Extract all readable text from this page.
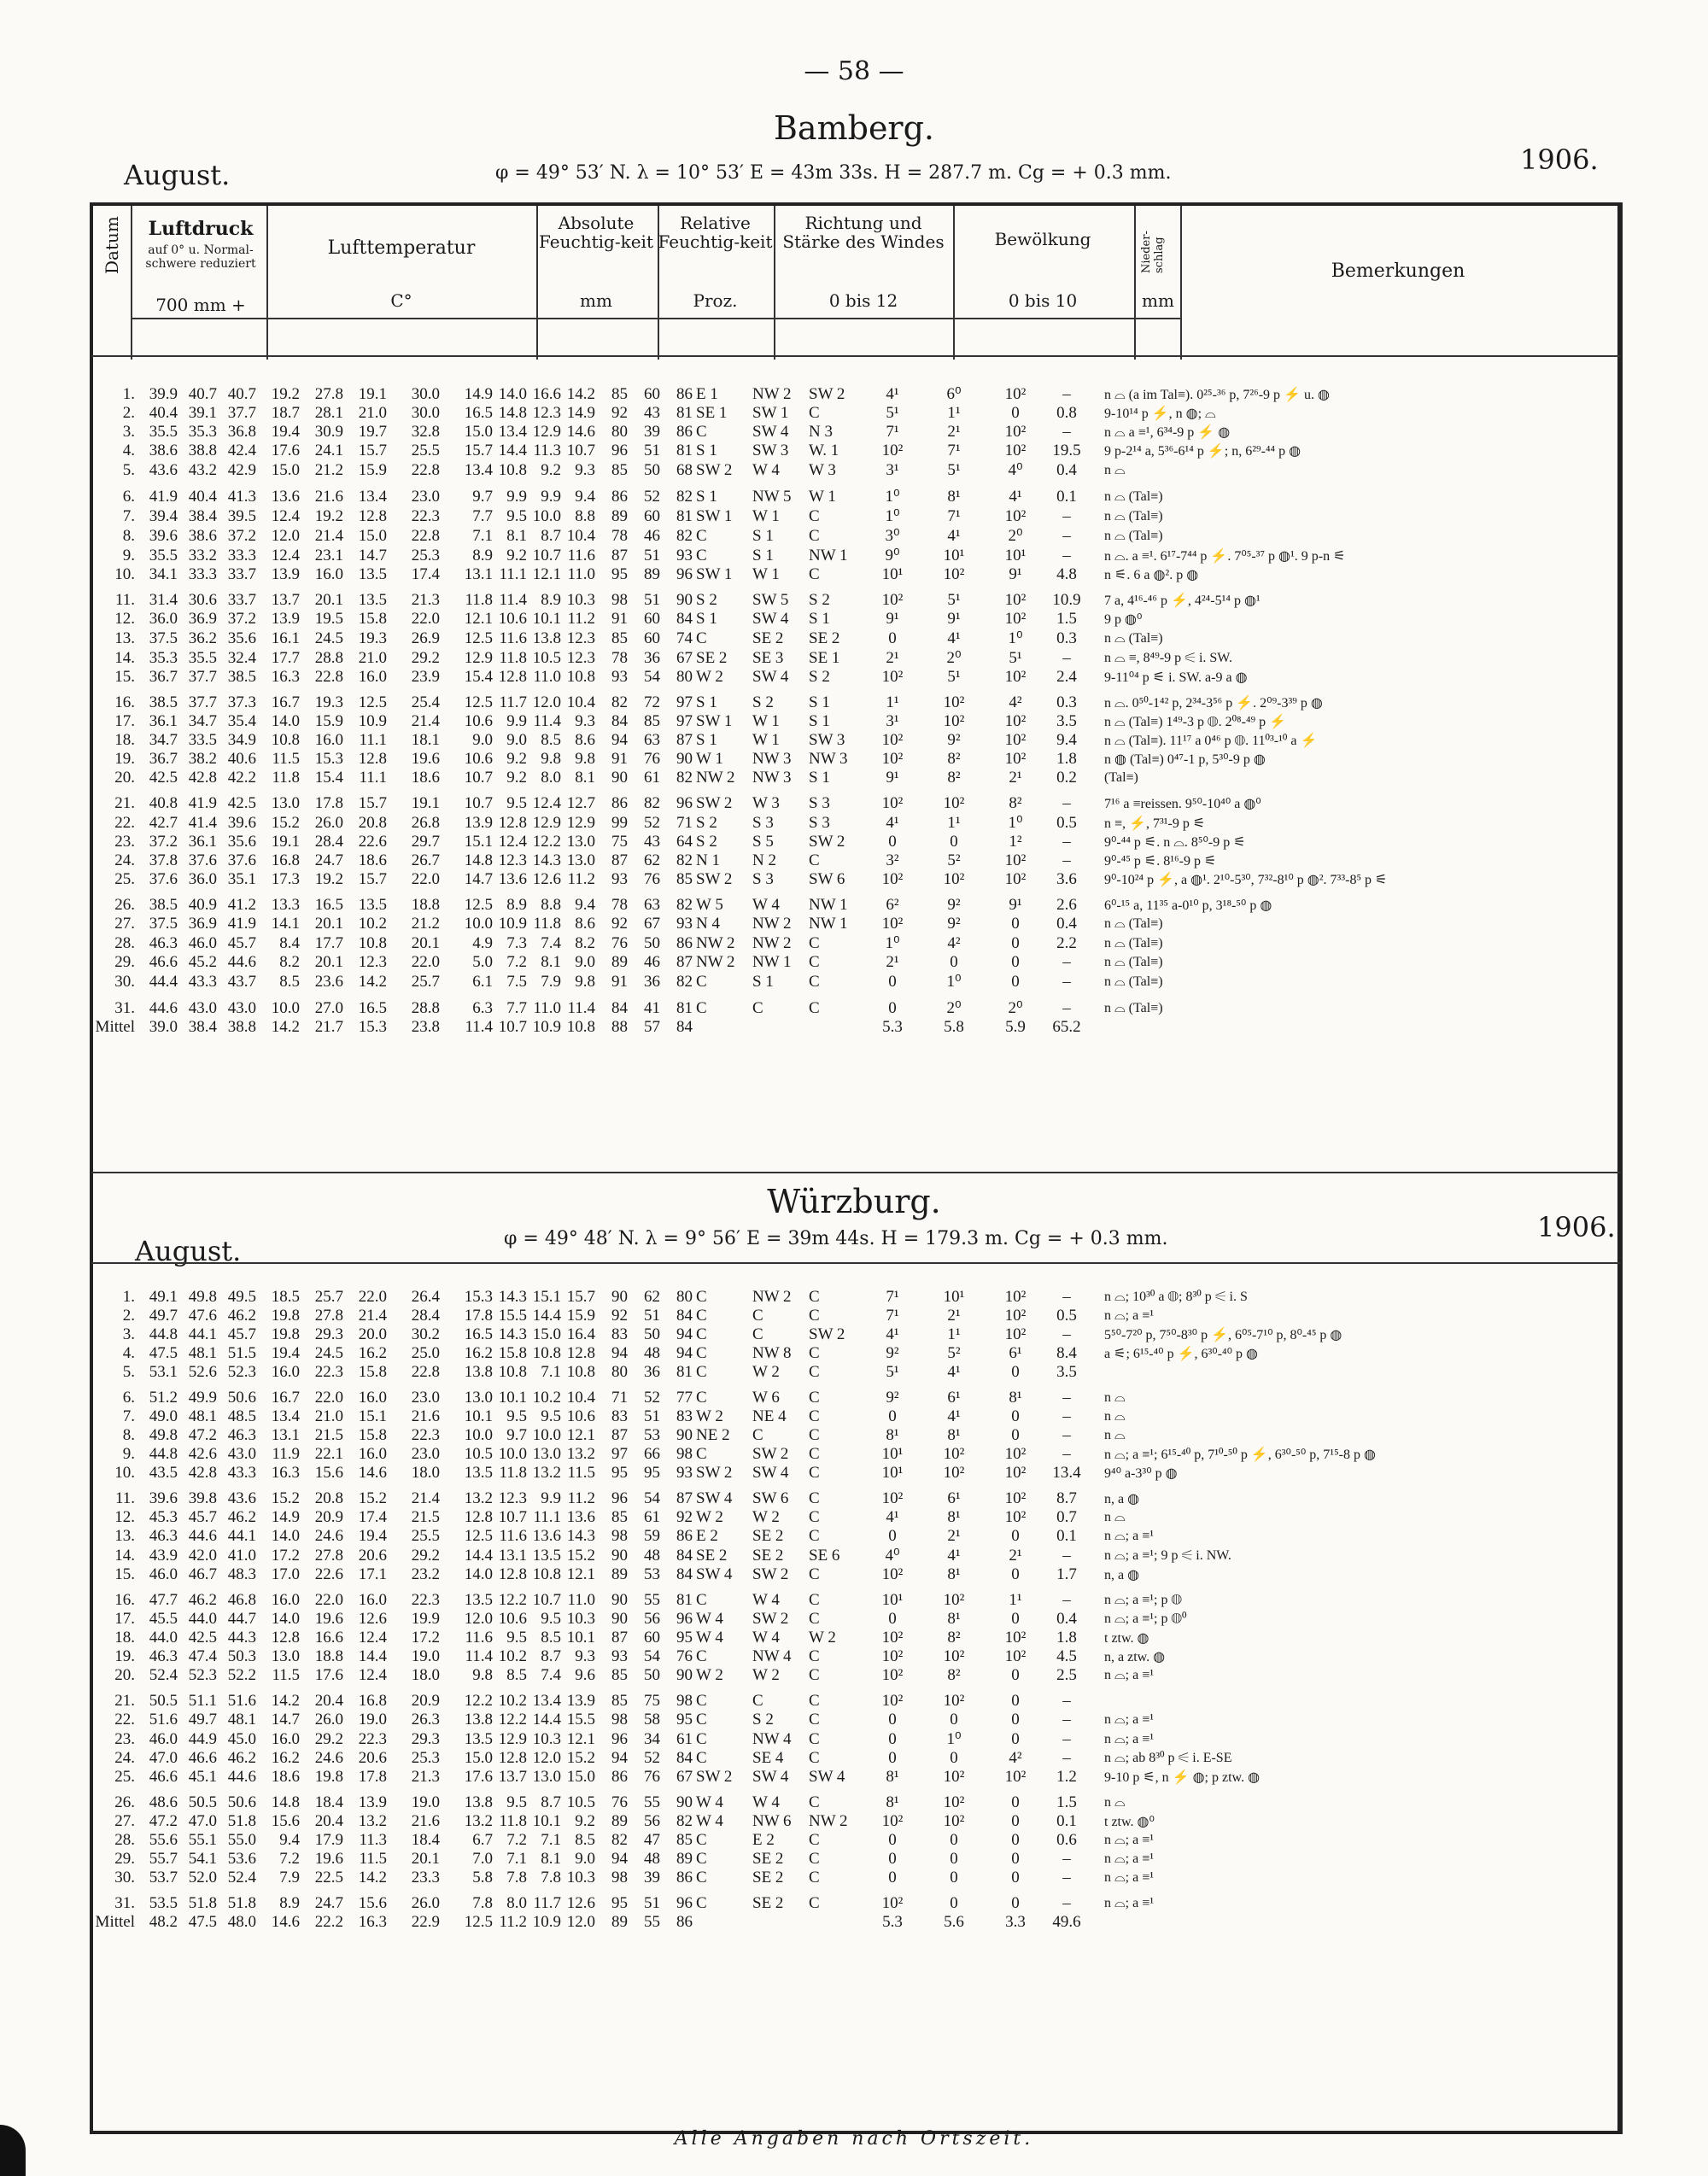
— 58 —
Bamberg.
August.	φ = 49° 53′ N. λ = 10° 53′ E = 43m 33s. H = 287.7 m. Cg = + 0.3 mm.	1906.
Datum	Luftdruck
auf 0° u. Normal-schwere reduziert
700 mm +
Lufttemperatur
C°
Absolute Feuchtig-keit
mm
Relative Feuchtig-keit
Proz.
Richtung und Stärke des Windes
0 bis 12
Bewölkung
0 bis 10
Nieder-schlag
mm
Bemerkungen
1.	39.9	40.7	40.7	19.2	27.8	19.1	30.0	14.9	14.0	16.6	14.2	85	60	86	E 1	NW 2	SW 2	4¹	6⁰	10²	–	n ⌓ (a im Tal≡). 0²⁵-³⁶ p, 7²⁶-9 p ⚡ u. ◍
2.	40.4	39.1	37.7	18.7	28.1	21.0	30.0	16.5	14.8	12.3	14.9	92	43	81	SE 1	SW 1	C	5¹	1¹	0	0.8	9-10¹⁴ p ⚡, n ◍; ⌓
3.	35.5	35.3	36.8	19.4	30.9	19.7	32.8	15.0	13.4	12.9	14.6	80	39	86	C	SW 4	N 3	7¹	2¹	10²	–	n ⌓ a ≡¹, 6³⁴-9 p ⚡ ◍
4.	38.6	38.8	42.4	17.6	24.1	15.7	25.5	15.7	14.4	11.3	10.7	96	51	81	S 1	SW 3	W. 1	10²	7¹	10²	19.5	9 p-2¹⁴ a, 5³⁶-6¹⁴ p ⚡; n, 6²⁹-⁴⁴ p ◍
5.	43.6	43.2	42.9	15.0	21.2	15.9	22.8	13.4	10.8	9.2	9.3	85	50	68	SW 2	W 4	W 3	3¹	5¹	4⁰	0.4	n ⌓
6.	41.9	40.4	41.3	13.6	21.6	13.4	23.0	9.7	9.9	9.9	9.4	86	52	82	S 1	NW 5	W 1	1⁰	8¹	4¹	0.1	n ⌓ (Tal≡)
7.	39.4	38.4	39.5	12.4	19.2	12.8	22.3	7.7	9.5	10.0	8.8	89	60	81	SW 1	W 1	C	1⁰	7¹	10²	–	n ⌓ (Tal≡)
8.	39.6	38.6	37.2	12.0	21.4	15.0	22.8	7.1	8.1	8.7	10.4	78	46	82	C	S 1	C	3⁰	4¹	2⁰	–	n ⌓ (Tal≡)
9.	35.5	33.2	33.3	12.4	23.1	14.7	25.3	8.9	9.2	10.7	11.6	87	51	93	C	S 1	NW 1	9⁰	10¹	10¹	–	n ⌓. a ≡¹. 6¹⁷-7⁴⁴ p ⚡. 7⁰⁵-³⁷ p ◍¹. 9 p-n ⚟
10.	34.1	33.3	33.7	13.9	16.0	13.5	17.4	13.1	11.1	12.1	11.0	95	89	96	SW 1	W 1	C	10¹	10²	9¹	4.8	n ⚟. 6 a ◍². p ◍
11.	31.4	30.6	33.7	13.7	20.1	13.5	21.3	11.8	11.4	8.9	10.3	98	51	90	S 2	SW 5	S 2	10²	5¹	10²	10.9	7 a, 4¹⁶-⁴⁶ p ⚡, 4²⁴-5¹⁴ p ◍¹
12.	36.0	36.9	37.2	13.9	19.5	15.8	22.0	12.1	10.6	10.1	11.2	91	60	84	S 1	SW 4	S 1	9¹	9¹	10²	1.5	9 p ◍⁰
13.	37.5	36.2	35.6	16.1	24.5	19.3	26.9	12.5	11.6	13.8	12.3	85	60	74	C	SE 2	SE 2	0	4¹	1⁰	0.3	n ⌓ (Tal≡)
14.	35.3	35.5	32.4	17.7	28.8	21.0	29.2	12.9	11.8	10.5	12.3	78	36	67	SE 2	SE 3	SE 1	2¹	2⁰	5¹	–	n ⌓ ≡, 8⁴⁹-9 p ⚟ i. SW.
15.	36.7	37.7	38.5	16.3	22.8	16.0	23.9	15.4	12.8	11.0	10.8	93	54	80	W 2	SW 4	S 2	10²	5¹	10²	2.4	9-11⁰⁴ p ⚟ i. SW. a-9 a ◍
16.	38.5	37.7	37.3	16.7	19.3	12.5	25.4	12.5	11.7	12.0	10.4	82	72	97	S 1	S 2	S 1	1¹	10²	4²	0.3	n ⌓. 0⁵⁰-1⁴² p, 2³⁴-3⁵⁶ p ⚡. 2⁰⁹-3³⁹ p ◍
17.	36.1	34.7	35.4	14.0	15.9	10.9	21.4	10.6	9.9	11.4	9.3	84	85	97	SW 1	W 1	S 1	3¹	10²	10²	3.5	n ⌓ (Tal≡) 1⁴⁹-3 p ◍. 2⁰⁸-⁴⁹ p ⚡
18.	34.7	33.5	34.9	10.8	16.0	11.1	18.1	9.0	9.0	8.5	8.6	94	63	87	S 1	W 1	SW 3	10²	9²	10²	9.4	n ⌓ (Tal≡). 11¹⁷ a 0⁴⁶ p ◍. 11⁰³-¹⁰ a ⚡
19.	36.7	38.2	40.6	11.5	15.3	12.8	19.6	10.6	9.2	9.8	9.8	91	76	90	W 1	NW 3	NW 3	10²	8²	10²	1.8	n ◍ (Tal≡) 0⁴⁷-1 p, 5³⁰-9 p ◍
20.	42.5	42.8	42.2	11.8	15.4	11.1	18.6	10.7	9.2	8.0	8.1	90	61	82	NW 2	NW 3	S 1	9¹	8²	2¹	0.2	(Tal≡)
21.	40.8	41.9	42.5	13.0	17.8	15.7	19.1	10.7	9.5	12.4	12.7	86	82	96	SW 2	W 3	S 3	10²	10²	8²	–	7¹⁶ a ≡reissen. 9⁵⁰-10⁴⁰ a ◍⁰
22.	42.7	41.4	39.6	15.2	26.0	20.8	26.8	13.9	12.8	12.9	12.9	99	52	71	S 2	S 3	S 3	4¹	1¹	1⁰	0.5	n ≡, ⚡, 7³¹-9 p ⚟
23.	37.2	36.1	35.6	19.1	28.4	22.6	29.7	15.1	12.4	12.2	13.0	75	43	64	S 2	S 5	SW 2	0	0	1²	–	9⁰-⁴⁴ p ⚟. n ⌓. 8⁵⁰-9 p ⚟
24.	37.8	37.6	37.6	16.8	24.7	18.6	26.7	14.8	12.3	14.3	13.0	87	62	82	N 1	N 2	C	3²	5²	10²	–	9⁰-⁴⁵ p ⚟. 8¹⁶-9 p ⚟
25.	37.6	36.0	35.1	17.3	19.2	15.7	22.0	14.7	13.6	12.6	11.2	93	76	85	SW 2	S 3	SW 6	10²	10²	10²	3.6	9⁰-10²⁴ p ⚡, a ◍¹. 2¹⁰-5³⁰, 7³²-8¹⁰ p ◍². 7³³-8⁵ p ⚟
26.	38.5	40.9	41.2	13.3	16.5	13.5	18.8	12.5	8.9	8.8	9.4	78	63	82	W 5	W 4	NW 1	6²	9²	9¹	2.6	6⁰-¹⁵ a, 11³⁵ a-0¹⁰ p, 3¹⁸-⁵⁰ p ◍
27.	37.5	36.9	41.9	14.1	20.1	10.2	21.2	10.0	10.9	11.8	8.6	92	67	93	N 4	NW 2	NW 1	10²	9²	0	0.4	n ⌓ (Tal≡)
28.	46.3	46.0	45.7	8.4	17.7	10.8	20.1	4.9	7.3	7.4	8.2	76	50	86	NW 2	NW 2	C	1⁰	4²	0	2.2	n ⌓ (Tal≡)
29.	46.6	45.2	44.6	8.2	20.1	12.3	22.0	5.0	7.2	8.1	9.0	89	46	87	NW 2	NW 1	C	2¹	0	0	–	n ⌓ (Tal≡)
30.	44.4	43.3	43.7	8.5	23.6	14.2	25.7	6.1	7.5	7.9	9.8	91	36	82	C	S 1	C	0	1⁰	0	–	n ⌓ (Tal≡)
31.	44.6	43.0	43.0	10.0	27.0	16.5	28.8	6.3	7.7	11.0	11.4	84	41	81	C	C	C	0	2⁰	2⁰	–	n ⌓ (Tal≡)
Mittel	39.0	38.4	38.8	14.2	21.7	15.3	23.8	11.4	10.7	10.9	10.8	88	57	84				5.3	5.8	5.9	65.2	
Würzburg.
August.	φ = 49° 48′ N. λ = 9° 56′ E = 39m 44s. H = 179.3 m. Cg = + 0.3 mm.	1906.
1.	49.1	49.8	49.5	18.5	25.7	22.0	26.4	15.3	14.3	15.1	15.7	90	62	80	C	NW 2	C	7¹	10¹	10²	–	n ⌓; 10³⁰ a ◍; 8³⁰ p ⚟ i. S
2.	49.7	47.6	46.2	19.8	27.8	21.4	28.4	17.8	15.5	14.4	15.9	92	51	84	C	C	C	7¹	2¹	10²	0.5	n ⌓; a ≡¹
3.	44.8	44.1	45.7	19.8	29.3	20.0	30.2	16.5	14.3	15.0	16.4	83	50	94	C	C	SW 2	4¹	1¹	10²	–	5⁵⁰-7²⁰ p, 7⁵⁰-8³⁰ p ⚡, 6⁰⁵-7¹⁰ p, 8⁰-⁴⁵ p ◍
4.	47.5	48.1	51.5	19.4	24.5	16.2	25.0	16.2	15.8	10.8	12.8	94	48	94	C	NW 8	C	9²	5²	6¹	8.4	a ⚟; 6¹⁵-⁴⁰ p ⚡, 6³⁰-⁴⁰ p ◍
5.	53.1	52.6	52.3	16.0	22.3	15.8	22.8	13.8	10.8	7.1	10.8	80	36	81	C	W 2	C	5¹	4¹	0	3.5	
6.	51.2	49.9	50.6	16.7	22.0	16.0	23.0	13.0	10.1	10.2	10.4	71	52	77	C	W 6	C	9²	6¹	8¹	–	n ⌓
7.	49.0	48.1	48.5	13.4	21.0	15.1	21.6	10.1	9.5	9.5	10.6	83	51	83	W 2	NE 4	C	0	4¹	0	–	n ⌓
8.	49.8	47.2	46.3	13.1	21.5	15.8	22.3	10.0	9.7	10.0	12.1	87	53	90	NE 2	C	C	8¹	8¹	0	–	n ⌓
9.	44.8	42.6	43.0	11.9	22.1	16.0	23.0	10.5	10.0	13.0	13.2	97	66	98	C	SW 2	C	10¹	10²	10²	–	n ⌓; a ≡¹; 6¹⁵-⁴⁰ p, 7¹⁰-⁵⁰ p ⚡, 6³⁰-⁵⁰ p, 7¹⁵-8 p ◍
10.	43.5	42.8	43.3	16.3	15.6	14.6	18.0	13.5	11.8	13.2	11.5	95	95	93	SW 2	SW 4	C	10¹	10²	10²	13.4	9⁴⁰ a-3³⁰ p ◍
11.	39.6	39.8	43.6	15.2	20.8	15.2	21.4	13.2	12.3	9.9	11.2	96	54	87	SW 4	SW 6	C	10²	6¹	10²	8.7	n, a ◍
12.	45.3	45.7	46.2	14.9	20.9	17.4	21.5	12.8	10.7	11.1	13.6	85	61	92	W 2	W 2	C	4¹	8¹	10²	0.7	n ⌓
13.	46.3	44.6	44.1	14.0	24.6	19.4	25.5	12.5	11.6	13.6	14.3	98	59	86	E 2	SE 2	C	0	2¹	0	0.1	n ⌓; a ≡¹
14.	43.9	42.0	41.0	17.2	27.8	20.6	29.2	14.4	13.1	13.5	15.2	90	48	84	SE 2	SE 2	SE 6	4⁰	4¹	2¹	–	n ⌓; a ≡¹; 9 p ⚟ i. NW.
15.	46.0	46.7	48.3	17.0	22.6	17.1	23.2	14.0	12.8	10.8	12.1	89	53	84	SW 4	SW 2	C	10²	8¹	0	1.7	n, a ◍
16.	47.7	46.2	46.8	16.0	22.0	16.0	22.3	13.5	12.2	10.7	11.0	90	55	81	C	W 4	C	10¹	10²	1¹	–	n ⌓; a ≡¹; p ◍
17.	45.5	44.0	44.7	14.0	19.6	12.6	19.9	12.0	10.6	9.5	10.3	90	56	96	W 4	SW 2	C	0	8¹	0	0.4	n ⌓; a ≡¹; p ◍⁰
18.	44.0	42.5	44.3	12.8	16.6	12.4	17.2	11.6	9.5	8.5	10.1	87	60	95	W 4	W 4	W 2	10²	8²	10²	1.8	t ztw. ◍
19.	46.3	47.4	50.3	13.0	18.8	14.4	19.0	11.4	10.2	8.7	9.3	93	54	76	C	NW 4	C	10²	10²	10²	4.5	n, a ztw. ◍
20.	52.4	52.3	52.2	11.5	17.6	12.4	18.0	9.8	8.5	7.4	9.6	85	50	90	W 2	W 2	C	10²	8²	0	2.5	n ⌓; a ≡¹
21.	50.5	51.1	51.6	14.2	20.4	16.8	20.9	12.2	10.2	13.4	13.9	85	75	98	C	C	C	10²	10²	0	–	
22.	51.6	49.7	48.1	14.7	26.0	19.0	26.3	13.8	12.2	14.4	15.5	98	58	95	C	S 2	C	0	0	0	–	n ⌓; a ≡¹
23.	46.0	44.9	45.0	16.0	29.2	22.3	29.3	13.5	12.9	10.3	12.1	96	34	61	C	NW 4	C	0	1⁰	0	–	n ⌓; a ≡¹
24.	47.0	46.6	46.2	16.2	24.6	20.6	25.3	15.0	12.8	12.0	15.2	94	52	84	C	SE 4	C	0	0	4²	–	n ⌓; ab 8³⁰ p ⚟ i. E-SE
25.	46.6	45.1	44.6	18.6	19.8	17.8	21.3	17.6	13.7	13.0	15.0	86	76	67	SW 2	SW 4	SW 4	8¹	10²	10²	1.2	9-10 p ⚟, n ⚡ ◍; p ztw. ◍
26.	48.6	50.5	50.6	14.8	18.4	13.9	19.0	13.8	9.5	8.7	10.5	76	55	90	W 4	W 4	C	8¹	10²	0	1.5	n ⌓
27.	47.2	47.0	51.8	15.6	20.4	13.2	21.6	13.2	11.8	10.1	9.2	89	56	82	W 4	NW 6	NW 2	10²	10²	0	0.1	t ztw. ◍⁰
28.	55.6	55.1	55.0	9.4	17.9	11.3	18.4	6.7	7.2	7.1	8.5	82	47	85	C	E 2	C	0	0	0	0.6	n ⌓; a ≡¹
29.	55.7	54.1	53.6	7.2	19.6	11.5	20.1	7.0	7.1	8.1	9.0	94	48	89	C	SE 2	C	0	0	0	–	n ⌓; a ≡¹
30.	53.7	52.0	52.4	7.9	22.5	14.2	23.3	5.8	7.8	7.8	10.3	98	39	86	C	SE 2	C	0	0	0	–	n ⌓; a ≡¹
31.	53.5	51.8	51.8	8.9	24.7	15.6	26.0	7.8	8.0	11.7	12.6	95	51	96	C	SE 2	C	10²	0	0	–	n ⌓; a ≡¹
Mittel	48.2	47.5	48.0	14.6	22.2	16.3	22.9	12.5	11.2	10.9	12.0	89	55	86				5.3	5.6	3.3	49.6	
Alle Angaben nach Ortszeit.
